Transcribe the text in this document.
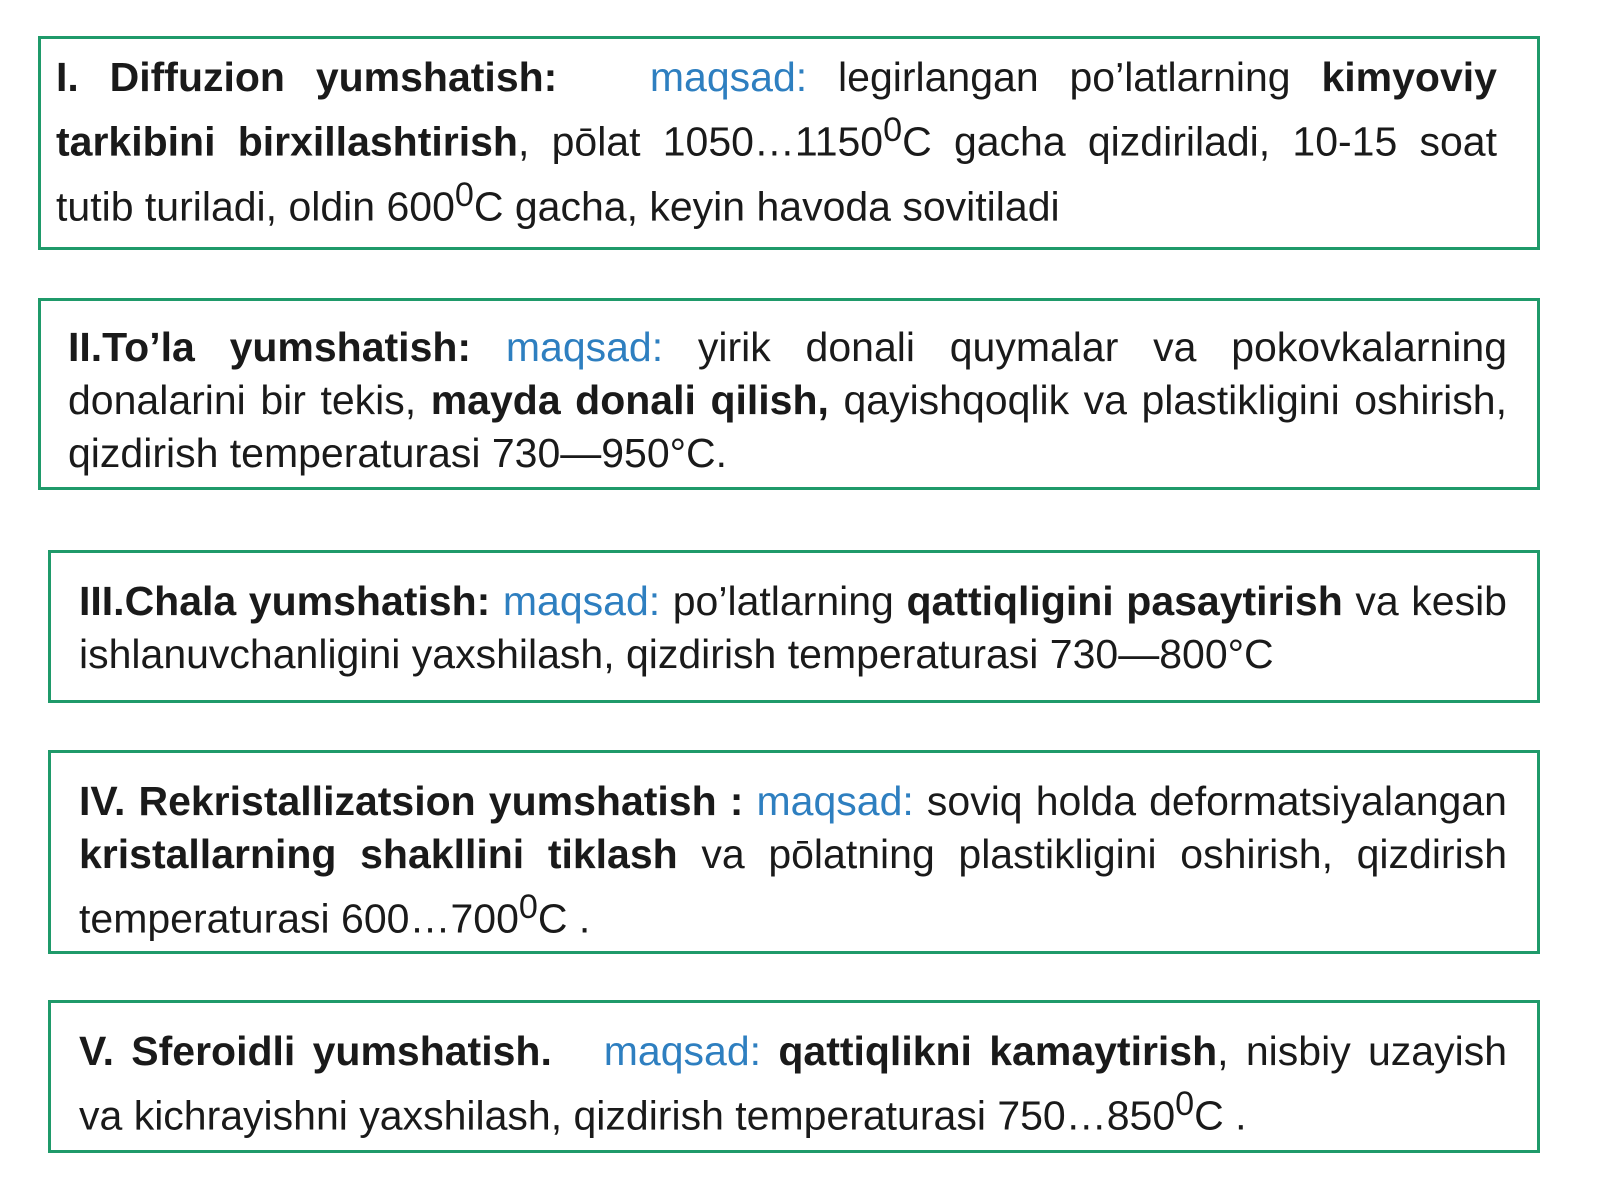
I. Diffuzion yumshatish: maqsad: legirlangan po’latlarning kimyoviy tarkibini birxillashtirish, pōlat 1050…1150$^0$C gacha qizdiriladi, 10-15 soat tutib turiladi, oldin $600^0C$ gacha, keyin havoda sovitiladi

II.To’la yumshatish: maqsad: yirik donali quymalar va pokovkalarning donalarini bir tekis, mayda donali qilish, qayishqoqlik va plastikligini oshirish, qizdirish temperaturasi 730—950°C.

III.Chala yumshatish: maqsad: po’latlarning qattiqligini pasaytirish va kesib ishlanuvchanligini yaxshilash, qizdirish temperaturasi 730—800°C

IV. Rekristallizatsion yumshatish : maqsad: soviq holda deformatsiyalangan kristallarning shakllini tiklash va pōlatning plastikligini oshirish, qizdirish temperaturasi $600\dots 700^0C$ .

V. Sferoidli yumshatish. maqsad: qattiqlikni kamaytirish, nisbiy uzayish va kichrayishni yaxshilash, qizdirish temperaturasi $750\dots 850^0C$ .
